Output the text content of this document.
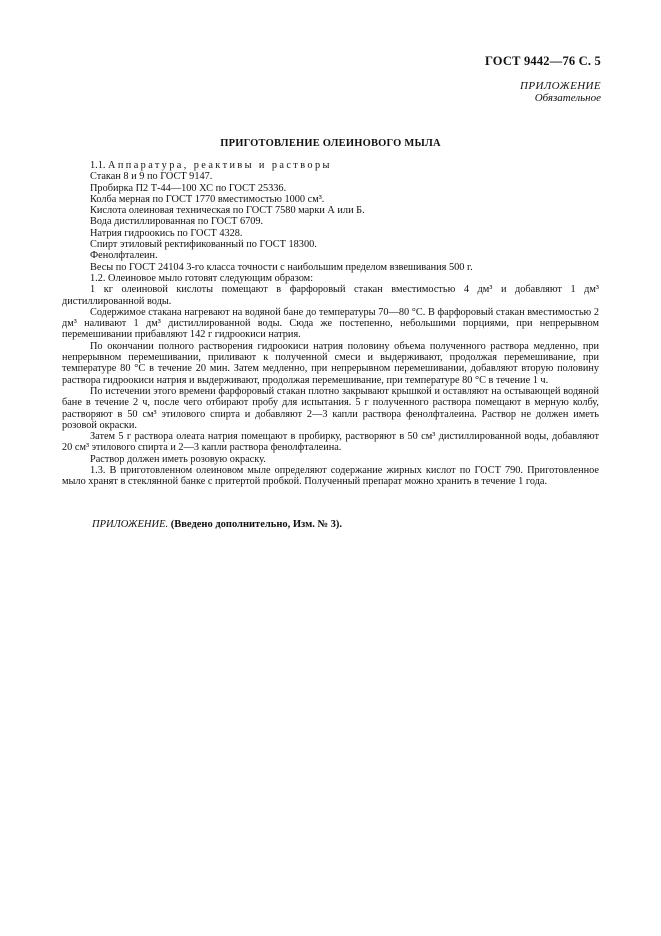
ГОСТ 9442—76 С. 5
ПРИЛОЖЕНИЕ
Обязательное
ПРИГОТОВЛЕНИЕ ОЛЕИНОВОГО МЫЛА

1.1. Аппаратура, реактивы и растворы

Стакан 8 и 9 по ГОСТ 9147.

Пробирка П2 Т-44—100 ХС по ГОСТ 25336.

Колба мерная по ГОСТ 1770 вместимостью 1000 см³.

Кислота олеиновая техническая по ГОСТ 7580 марки А или Б.

Вода дистиллированная по ГОСТ 6709.

Натрия гидроокись по ГОСТ 4328.

Спирт этиловый ректификованный по ГОСТ 18300.

Фенолфталеин.

Весы по ГОСТ 24104 3-го класса точности с наибольшим пределом взвешивания 500 г.

1.2. Олеиновое мыло готовят следующим образом:

1 кг олеиновой кислоты помещают в фарфоровый стакан вместимостью 4 дм³ и добавляют 1 дм³ дистиллированной воды.

Содержимое стакана нагревают на водяной бане до температуры 70—80 °С. В фарфоровый стакан вместимостью 2 дм³ наливают 1 дм³ дистиллированной воды. Сюда же постепенно, небольшими порциями, при непрерывном перемешивании прибавляют 142 г гидроокиси натрия.

По окончании полного растворения гидроокиси натрия половину объема полученного раствора медленно, при непрерывном перемешивании, приливают к полученной смеси и выдерживают, продолжая перемешивание, при температуре 80 °С в течение 20 мин. Затем медленно, при непрерывном перемешивании, добавляют вторую половину раствора гидроокиси натрия и выдерживают, продолжая перемешивание, при температуре 80 °С в течение 1 ч.

По истечении этого времени фарфоровый стакан плотно закрывают крышкой и оставляют на остывающей водяной бане в течение 2 ч, после чего отбирают пробу для испытания. 5 г полученного раствора помещают в мерную колбу, растворяют в 50 см³ этилового спирта и добавляют 2—3 капли раствора фенолфталеина. Раствор не должен иметь розовой окраски.

Затем 5 г раствора олеата натрия помещают в пробирку, растворяют в 50 см³ дистиллированной воды, добавляют 20 см³ этилового спирта и 2—3 капли раствора фенолфталеина.

Раствор должен иметь розовую окраску.

1.3. В приготовленном олеиновом мыле определяют содержание жирных кислот по ГОСТ 790. Приготовленное мыло хранят в стеклянной банке с притертой пробкой. Полученный препарат можно хранить в течение 1 года.

ПРИЛОЖЕНИЕ. (Введено дополнительно, Изм. № 3).
